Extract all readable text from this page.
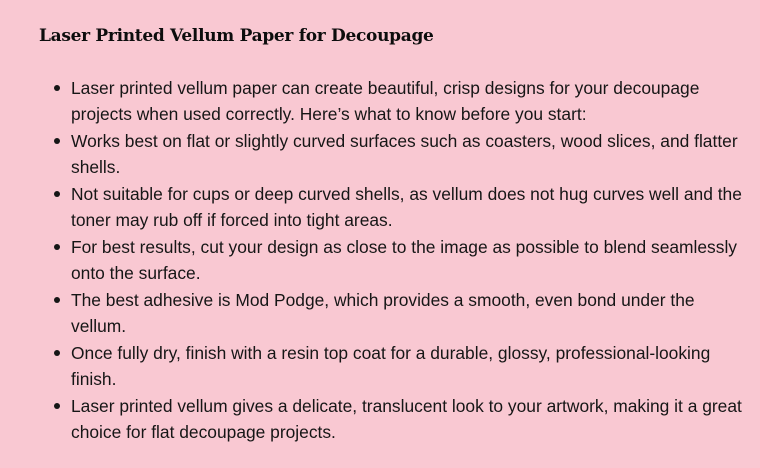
Laser Printed Vellum Paper for Decoupage
Laser printed vellum paper can create beautiful, crisp designs for your decoupage projects when used correctly. Here’s what to know before you start:
Works best on flat or slightly curved surfaces such as coasters, wood slices, and flatter shells.
Not suitable for cups or deep curved shells, as vellum does not hug curves well and the toner may rub off if forced into tight areas.
For best results, cut your design as close to the image as possible to blend seamlessly onto the surface.
The best adhesive is Mod Podge, which provides a smooth, even bond under the vellum.
Once fully dry, finish with a resin top coat for a durable, glossy, professional-looking finish.
Laser printed vellum gives a delicate, translucent look to your artwork, making it a great choice for flat decoupage projects.
